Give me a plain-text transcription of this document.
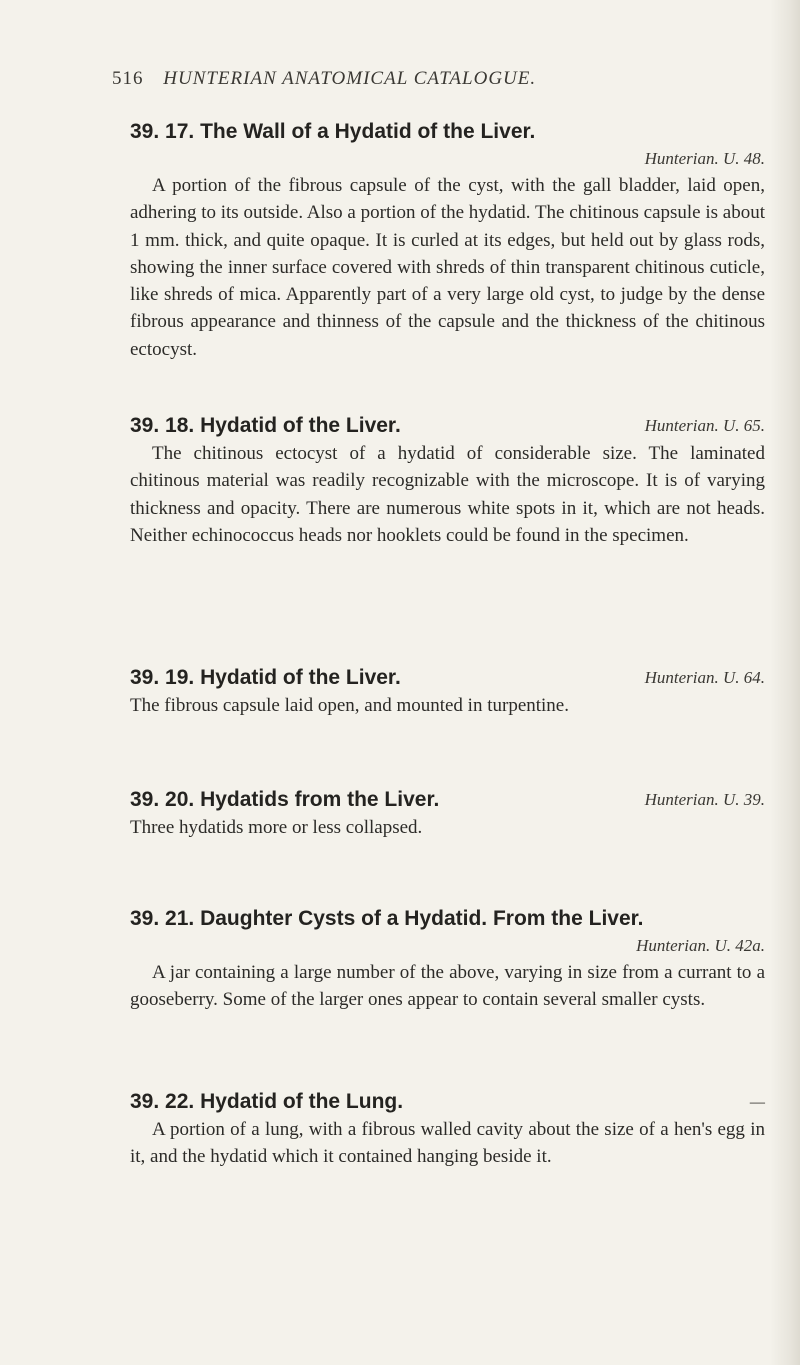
516 HUNTERIAN ANATOMICAL CATALOGUE.
39. 17. The Wall of a Hydatid of the Liver.
Hunterian. U. 48.
A portion of the fibrous capsule of the cyst, with the gall bladder, laid open, adhering to its outside. Also a portion of the hydatid. The chitinous capsule is about 1 mm. thick, and quite opaque. It is curled at its edges, but held out by glass rods, showing the inner surface covered with shreds of thin transparent chitinous cuticle, like shreds of mica. Apparently part of a very large old cyst, to judge by the dense fibrous appearance and thinness of the capsule and the thickness of the chitinous ectocyst.
39. 18. Hydatid of the Liver.	Hunterian. U. 65.
The chitinous ectocyst of a hydatid of considerable size. The laminated chitinous material was readily recognizable with the microscope. It is of varying thickness and opacity. There are numerous white spots in it, which are not heads. Neither echinococcus heads nor hooklets could be found in the specimen.
39. 19. Hydatid of the Liver.	Hunterian. U. 64.
The fibrous capsule laid open, and mounted in turpentine.
39. 20. Hydatids from the Liver.	Hunterian. U. 39.
Three hydatids more or less collapsed.
39. 21. Daughter Cysts of a Hydatid. From the Liver.
Hunterian. U. 42a.
A jar containing a large number of the above, varying in size from a currant to a gooseberry. Some of the larger ones appear to contain several smaller cysts.
39. 22. Hydatid of the Lung.	—
A portion of a lung, with a fibrous walled cavity about the size of a hen's egg in it, and the hydatid which it contained hanging beside it.
